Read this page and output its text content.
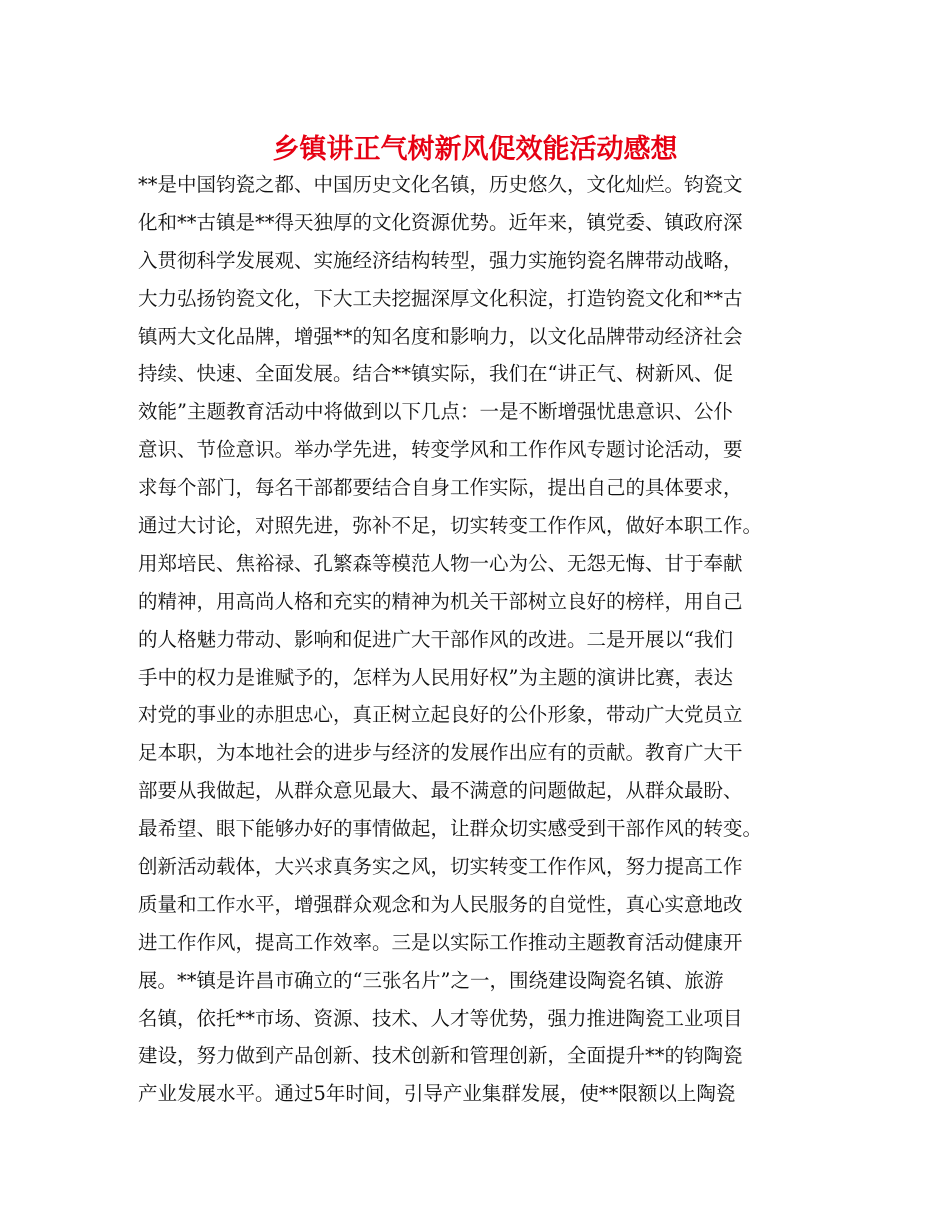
乡镇讲正气树新风促效能活动感想
**是中国钧瓷之都、中国历史文化名镇，历史悠久，文化灿烂。钧瓷文
化和**古镇是**得天独厚的文化资源优势。近年来，镇党委、镇政府深
入贯彻科学发展观、实施经济结构转型，强力实施钧瓷名牌带动战略，
大力弘扬钧瓷文化，下大工夫挖掘深厚文化积淀，打造钧瓷文化和**古
镇两大文化品牌，增强**的知名度和影响力，以文化品牌带动经济社会
持续、快速、全面发展。结合**镇实际，我们在“讲正气、树新风、促
效能”主题教育活动中将做到以下几点：一是不断增强忧患意识、公仆
意识、节俭意识。举办学先进，转变学风和工作作风专题讨论活动，要
求每个部门，每名干部都要结合自身工作实际，提出自己的具体要求，
通过大讨论，对照先进，弥补不足，切实转变工作作风，做好本职工作。
用郑培民、焦裕禄、孔繁森等模范人物一心为公、无怨无悔、甘于奉献
的精神，用高尚人格和充实的精神为机关干部树立良好的榜样，用自己
的人格魅力带动、影响和促进广大干部作风的改进。二是开展以“我们
手中的权力是谁赋予的，怎样为人民用好权”为主题的演讲比赛，表达
对党的事业的赤胆忠心，真正树立起良好的公仆形象，带动广大党员立
足本职，为本地社会的进步与经济的发展作出应有的贡献。教育广大干
部要从我做起，从群众意见最大、最不满意的问题做起，从群众最盼、
最希望、眼下能够办好的事情做起，让群众切实感受到干部作风的转变。
创新活动载体，大兴求真务实之风，切实转变工作作风，努力提高工作
质量和工作水平，增强群众观念和为人民服务的自觉性，真心实意地改
进工作作风，提高工作效率。三是以实际工作推动主题教育活动健康开
展。**镇是许昌市确立的“三张名片”之一，围绕建设陶瓷名镇、旅游
名镇，依托**市场、资源、技术、人才等优势，强力推进陶瓷工业项目
建设，努力做到产品创新、技术创新和管理创新，全面提升**的钧陶瓷
产业发展水平。通过5年时间，引导产业集群发展，使**限额以上陶瓷
